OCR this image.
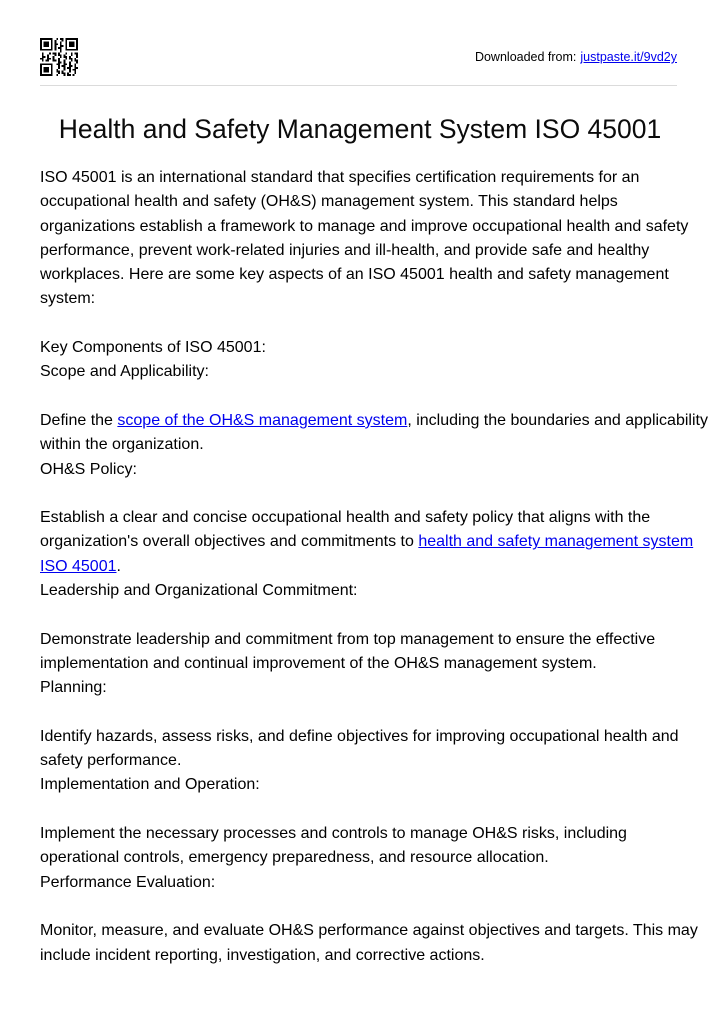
Downloaded from: justpaste.it/9vd2y
Health and Safety Management System ISO 45001

ISO 45001 is an international standard that specifies certification requirements for an occupational health and safety (OH&S) management system. This standard helps organizations establish a framework to manage and improve occupational health and safety performance, prevent work-related injuries and ill-health, and provide safe and healthy workplaces. Here are some key aspects of an ISO 45001 health and safety management system:

Key Components of ISO 45001:
Scope and Applicability:

Define the scope of the OH&S management system, including the boundaries and applicability within the organization.
OH&S Policy:

Establish a clear and concise occupational health and safety policy that aligns with the organization's overall objectives and commitments to health and safety management system ISO 45001.
Leadership and Organizational Commitment:

Demonstrate leadership and commitment from top management to ensure the effective implementation and continual improvement of the OH&S management system.
Planning:

Identify hazards, assess risks, and define objectives for improving occupational health and safety performance.
Implementation and Operation:

Implement the necessary processes and controls to manage OH&S risks, including operational controls, emergency preparedness, and resource allocation.
Performance Evaluation:

Monitor, measure, and evaluate OH&S performance against objectives and targets. This may include incident reporting, investigation, and corrective actions.
